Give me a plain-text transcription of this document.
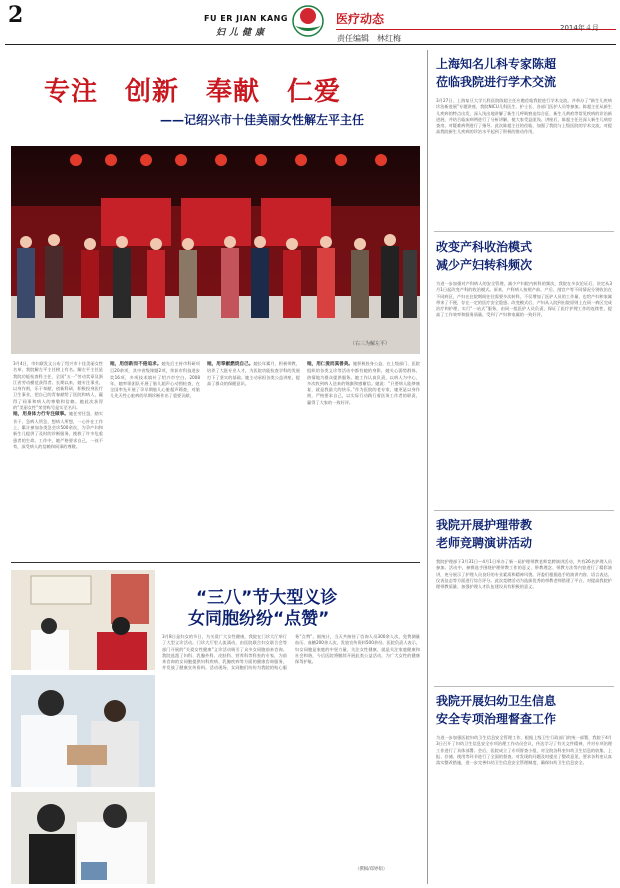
2	FU ER JIAN KANG
妇儿健康
医疗动态
责任编辑　林红梅
2014年４月
专注　创新　奉献　仁爱
——记绍兴市十佳美丽女性解左平主任
（右三为解左平）
3月4日，市妇联发文公布了绍兴市十佳美丽女性名单，我院解左平主任榜上有名。解左平主任是我院功能检查科主任，全国“五一”劳动奖章及浙江省劳动模范获得者。长期以来，她专注事业，以身作则，乐于奉献，创新科研，积极投身医疗卫生事业，把自己的青春献给了医院和病人，赢得了同事和病人的尊敬和信赖。她此次获得的“美丽女性”荣誉称号是实至名归。
她，用身体力行专注做事。她任劳任怨，踏实肯干，急病人所急，想病人所想，一心扑在工作上，累计参加各类急会诊500余次，为孕产妇和新生儿提供了及时的诊断服务，挽救了许多危重患者的生命。工作中，她严格要求自己，一丝不苟，深受病人的信赖和同事的尊敬。
她，用创新而不倦追求。她先后主持市科研项目20余项，其中省级课题2项，荣获市科技进步奖16项，多项技术填补了绍兴市空白。2008年，她率领团队开展了胎儿超声心动图检查，在全国率先开展了孕早期胎儿心脏超声筛查，对胎儿先天性心脏病的早期诊断作出了重要贡献。
她，用奉献燃烧自己。她长年累月、积极带教，培养了大批专业人才，为医院功能检查学科的发展打下了坚实的基础。她主动承担各类公益讲座，提高了群众的保健意识。
她，用仁爱而真善美。她积极投身公益，在上级部门、医院组织的各类义诊等活动中都有她的身影，她关心弱势群体，热情地为群众提供服务。她工作认真负责，以病人为中心，多次收到病人送来的锦旗和感谢信。她说：“只要病人能够康复，就是我最大的快乐。”作为医院的老专家，她更是以身作则，严格要求自己，以实际行动践行着医务工作者的职责，赢得了大家的一致好评。
“三八”节大型义诊
女同胞纷纷“点赞”
3月8日是妇女的节日，为关爱广大女性健康，我院在门诊大厅举行了大型义诊活动。门诊大厅里人流涌动，由医院联合妇女联合会等部门开展的“关爱女性健康”义诊活动吸引了众多女同胞前来咨询。我院选派了妇科、乳腺外科、皮肤科、营养科等科室的专家，为前来咨询的女同胞提供妇科疾病、乳腺疾病等方面的健康咨询服务，并发放了健康宣传资料。活动现场，女同胞们纷纷为我院的贴心服务“点赞”。据统计，当天共接待了咨询人员300余人次，免费测量血压、血糖200余人次，发放宣传资料500余份。医院负责人表示，妇女同胞是家庭的中坚力量，关注女性健康，就是关注家庭健康和社会和谐，今后医院将继续开展此类公益活动，为广大女性的健康保驾护航。
（撰稿/郑婷娟）
上海知名儿科专家陈超
莅临我院进行学术交流
3月27日，上海复旦大学儿科医院陈超主任应邀莅临我院进行学术交流，并举办了“新生儿疾病诊治新进展”专题讲座，我院NICU儿科医生、护士长、各部门医护人员等参加。陈超主任从新生儿疾病的特点出发，深入浅出地讲解了新生儿呼吸窘迫综合征、新生儿黄疸等常见疾病的诊治新进展，并结合临床病例进行了分析讲解，使大家受益匪浅。讲座后，陈超主任还深入新生儿病房查房，对疑难病例进行了指导。此次陈超主任的莅临，加强了我院与上级医院的学术交流，对提高我院新生儿疾病的诊治水平起到了积极的推动作用。
改变产科收治模式
减少产妇转科频次
为进一步加强对产科病人的安全管理，减少产妇院内转科的频次，我院在多次论证后，决定从3月1日起改变产科的收治模式。原来，产科病人按照产前、产后、剖宫产等不同情况分别收治在不同病区，产妇在住院期间往往需要多次转科，不仅增加了医护人员的工作量，也给产妇和家属带来了不便，存在一定的医疗安全隐患。改变模式后，产妇从入院到出院原则上在同一病区完成治疗和护理，实行“一站式”服务，由同一组医护人员负责，保证了医疗护理工作的连续性，提高了工作效率和服务质量，受到了产妇和家属的一致好评。
我院开展护理带教
老师竞聘演讲活动
我院护理部于3月31日～4月1日举办了新一届护理带教老师竞聘演讲活动，共有26名护理人员参加。活动中，参赛选手围绕护理带教工作的意义、带教理念、带教方法等内容进行了精彩演讲，充分展示了护理人员良好的专业素质和精神风貌。评委们根据选手的演讲内容、语言表达、仪表仪态等方面进行综合评分。此次竞聘活动为选拔优秀的带教老师搭建了平台，对提高我院护理带教质量、加强护理人才队伍建设具有积极的意义。
我院开展妇幼卫生信息
安全专项治理督查工作
为进一步加强医院妇幼卫生信息安全管理工作，根据上级卫生行政部门的统一部署，我院于4月3日召开了妇幼卫生信息安全专项治理工作动员会议，传达学习了有关文件精神，并对专项治理工作进行了具体部署。会后，医院成立了专项督查小组，对全院各科室妇幼卫生信息的收集、上报、存储、使用等环节进行了全面的督查，对发现的问题及时提出了整改意见，要求各科室认真落实整改措施，进一步完善妇幼卫生信息安全管理制度，确保妇幼卫生信息安全。
